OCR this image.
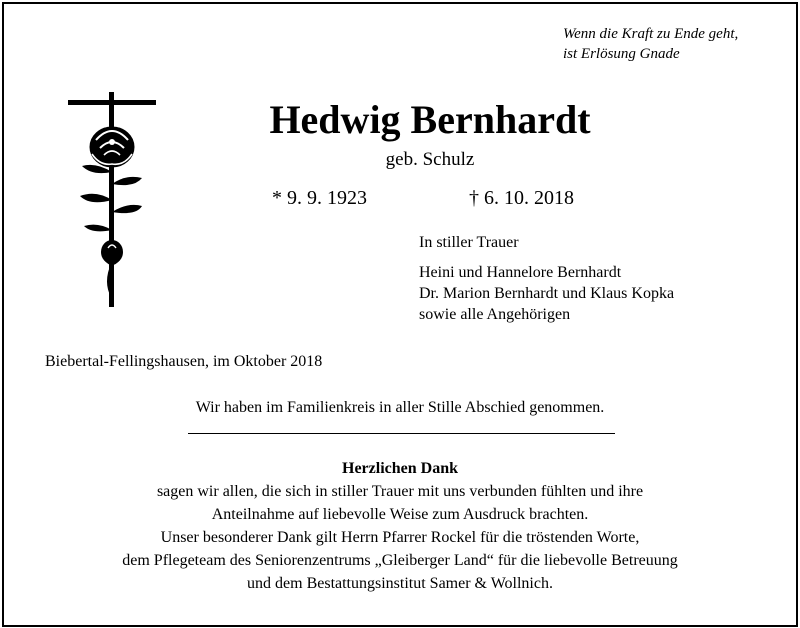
Wenn die Kraft zu Ende geht,
ist Erlösung Gnade
Hedwig Bernhardt
geb. Schulz
* 9. 9. 1923	† 6. 10. 2018
In stiller Trauer
Heini und Hannelore Bernhardt
Dr. Marion Bernhardt und Klaus Kopka
sowie alle Angehörigen
Biebertal-Fellingshausen, im Oktober 2018
Wir haben im Familienkreis in aller Stille Abschied genommen.
Herzlichen Dank
sagen wir allen, die sich in stiller Trauer mit uns verbunden fühlten und ihre
Anteilnahme auf liebevolle Weise zum Ausdruck brachten.
Unser besonderer Dank gilt Herrn Pfarrer Rockel für die tröstenden Worte,
dem Pflegeteam des Seniorenzentrums „Gleiberger Land“ für die liebevolle Betreuung
und dem Bestattungsinstitut Samer & Wollnich.
